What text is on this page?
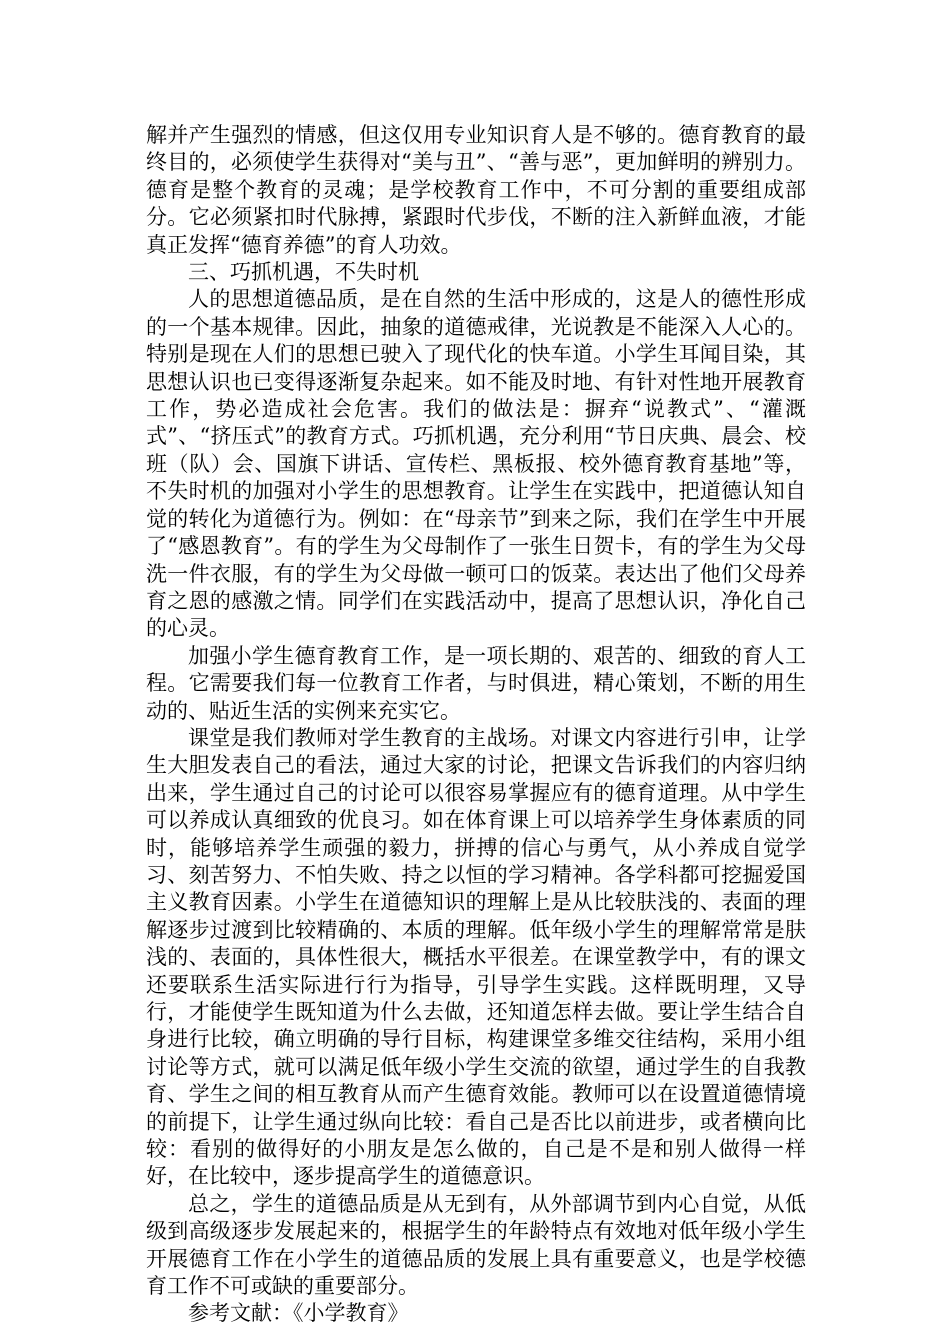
解并产生强烈的情感，但这仅用专业知识育人是不够的。德育教育的最终目的，必须使学生获得对“美与丑”、“善与恶”，更加鲜明的辨别力。德育是整个教育的灵魂；是学校教育工作中，不可分割的重要组成部分。它必须紧扣时代脉搏，紧跟时代步伐，不断的注入新鲜血液，才能真正发挥“德育养德”的育人功效。

三、巧抓机遇，不失时机

人的思想道德品质，是在自然的生活中形成的，这是人的德性形成的一个基本规律。因此，抽象的道德戒律，光说教是不能深入人心的。特别是现在人们的思想已驶入了现代化的快车道。小学生耳闻目染，其思想认识也已变得逐渐复杂起来。如不能及时地、有针对性地开展教育工作，势必造成社会危害。我们的做法是：摒弃“说教式”、“灌溉式”、“挤压式”的教育方式。巧抓机遇，充分利用“节日庆典、晨会、校班（队）会、国旗下讲话、宣传栏、黑板报、校外德育教育基地”等，不失时机的加强对小学生的思想教育。让学生在实践中，把道德认知自觉的转化为道德行为。例如：在“母亲节”到来之际，我们在学生中开展了“感恩教育”。有的学生为父母制作了一张生日贺卡，有的学生为父母洗一件衣服，有的学生为父母做一顿可口的饭菜。表达出了他们父母养育之恩的感激之情。同学们在实践活动中，提高了思想认识，净化自己的心灵。

加强小学生德育教育工作，是一项长期的、艰苦的、细致的育人工程。它需要我们每一位教育工作者，与时俱进，精心策划，不断的用生动的、贴近生活的实例来充实它。

课堂是我们教师对学生教育的主战场。对课文内容进行引申，让学生大胆发表自己的看法，通过大家的讨论，把课文告诉我们的内容归纳出来，学生通过自己的讨论可以很容易掌握应有的德育道理。从中学生可以养成认真细致的优良习。如在体育课上可以培养学生身体素质的同时，能够培养学生顽强的毅力，拼搏的信心与勇气，从小养成自觉学习、刻苦努力、不怕失败、持之以恒的学习精神。各学科都可挖掘爱国主义教育因素。小学生在道德知识的理解上是从比较肤浅的、表面的理解逐步过渡到比较精确的、本质的理解。低年级小学生的理解常常是肤浅的、表面的，具体性很大，概括水平很差。在课堂教学中，有的课文还要联系生活实际进行行为指导，引导学生实践。这样既明理，又导行，才能使学生既知道为什么去做，还知道怎样去做。要让学生结合自身进行比较，确立明确的导行目标，构建课堂多维交往结构，采用小组讨论等方式，就可以满足低年级小学生交流的欲望，通过学生的自我教育、学生之间的相互教育从而产生德育效能。教师可以在设置道德情境的前提下，让学生通过纵向比较：看自己是否比以前进步，或者横向比较：看别的做得好的小朋友是怎么做的，自己是不是和别人做得一样好，在比较中，逐步提高学生的道德意识。

总之，学生的道德品质是从无到有，从外部调节到内心自觉，从低级到高级逐步发展起来的，根据学生的年龄特点有效地对低年级小学生开展德育工作在小学生的道德品质的发展上具有重要意义，也是学校德育工作不可或缺的重要部分。

参考文献：《小学教育》
